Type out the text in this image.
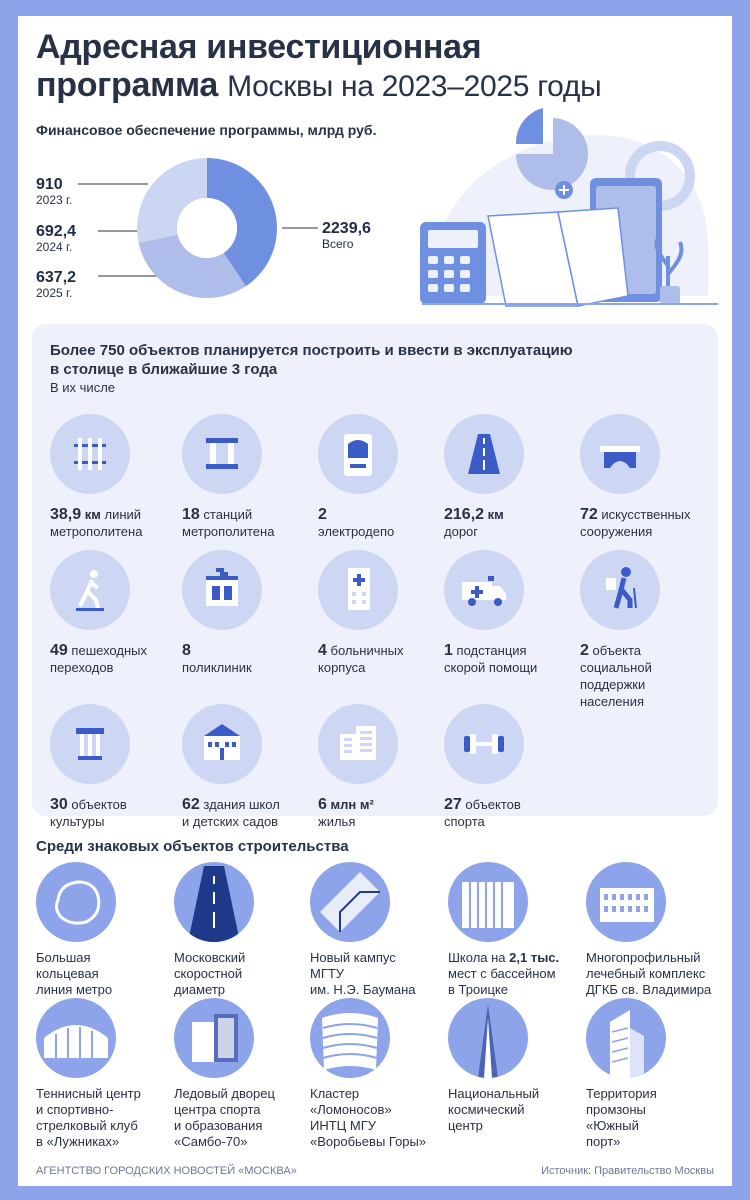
Адресная инвестиционная
программа Москвы на 2023–2025 годы
Финансовое обеспечение программы, млрд руб.
910
2023 г.
692,4
2024 г.
637,2
2025 г.
2239,6
Всего
Более 750 объектов планируется построить и ввести в эксплуатацию
в столице в ближайшие 3 года
В их числе
38,9 км линий
метрополитена
18 станций
метрополитена
2
электродепо
216,2 км
дорог
72 искусственных
сооружения
49 пешеходных
переходов
8
поликлиник
4 больничных
корпуса
1 подстанция
скорой помощи
2 объекта
социальной
поддержки населения
30 объектов
культуры
62 здания школ
и детских садов
6 млн м²
жилья
27 объектов
спорта
Среди знаковых объектов строительства
Большая
кольцевая
линия метро
Московский
скоростной
диаметр
Новый кампус
МГТУ
им. Н.Э. Баумана
Школа на 2,1 тыс.
мест с бассейном
в Троицке
Многопрофильный
лечебный комплекс
ДГКБ св. Владимира
Теннисный центр
и спортивно-
стрелковый клуб
в «Лужниках»
Ледовый дворец
центра спорта
и образования
«Самбо-70»
Кластер
«Ломоносов»
ИНТЦ МГУ
«Воробьевы Горы»
Национальный
космический
центр
Территория
промзоны
«Южный
порт»
АГЕНТСТВО ГОРОДСКИХ НОВОСТЕЙ «МОСКВА»	Источник: Правительство Москвы
